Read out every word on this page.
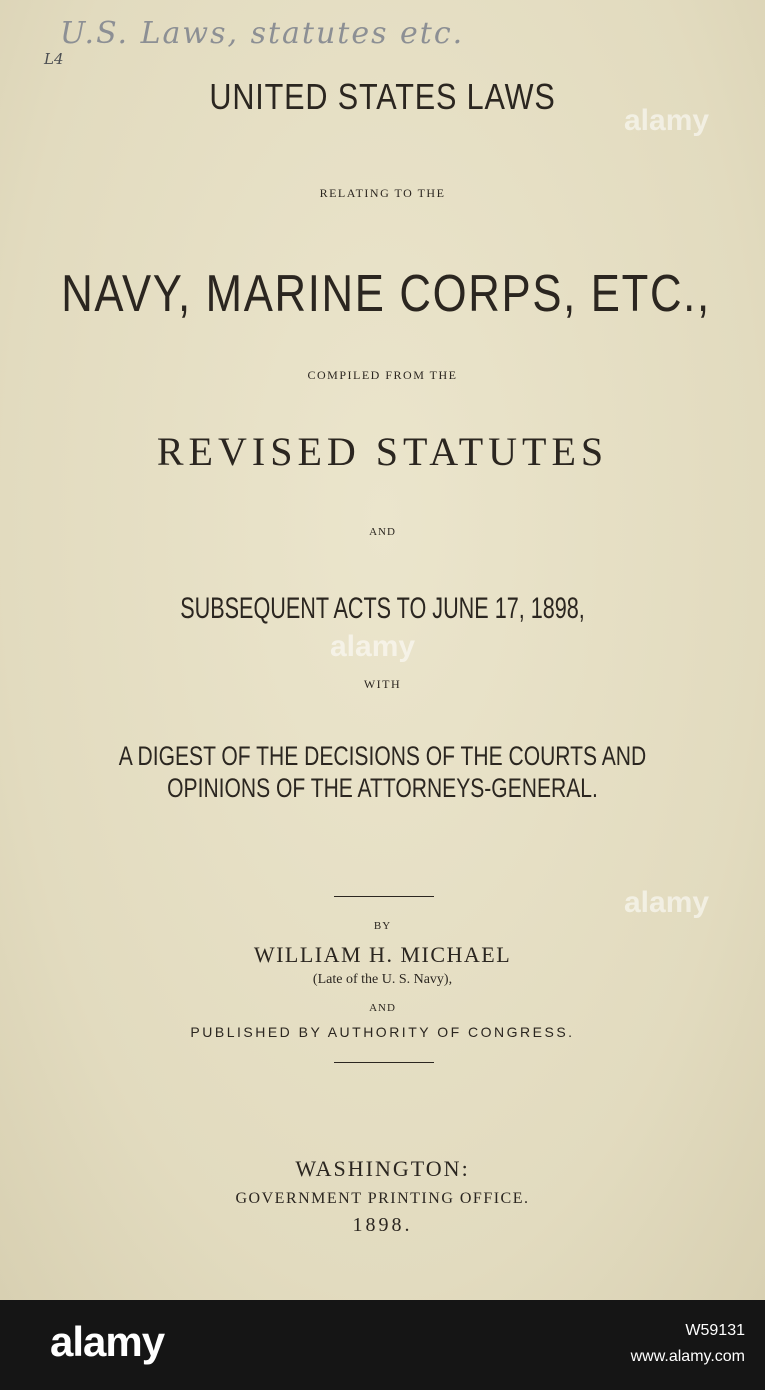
U.S. Laws, statutes etc.
L4
UNITED STATES LAWS
RELATING TO THE
NAVY, MARINE CORPS, ETC.,
COMPILED FROM THE
REVISED STATUTES
AND
SUBSEQUENT ACTS TO JUNE 17, 1898,
WITH
A DIGEST OF THE DECISIONS OF THE COURTS AND
OPINIONS OF THE ATTORNEYS-GENERAL.
BY
WILLIAM H. MICHAEL
(Late of the U. S. Navy),
AND
PUBLISHED BY AUTHORITY OF CONGRESS.
WASHINGTON:
GOVERNMENT PRINTING OFFICE.
1898.
alamy
alamy
alamy
alamy	W59131
www.alamy.com
